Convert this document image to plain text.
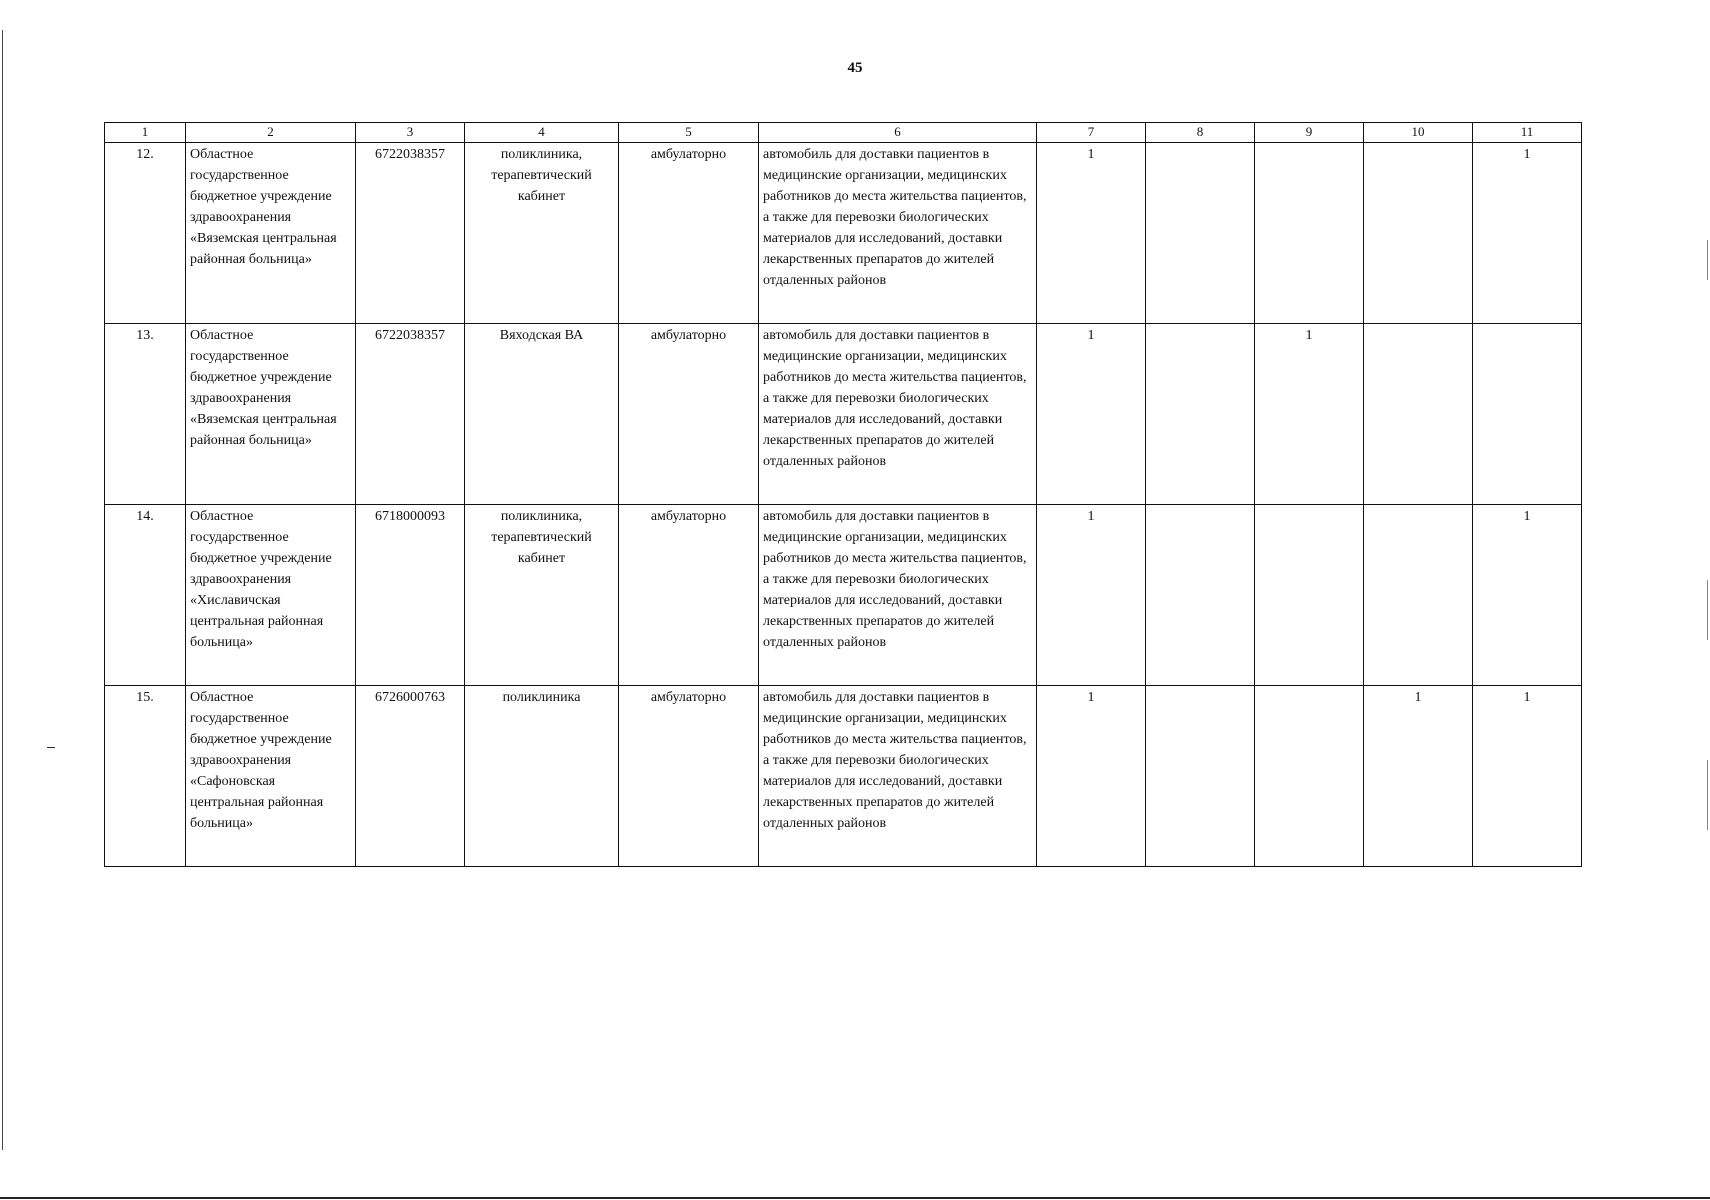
45
1	2	3	4	5	6	7	8	9	10	11
12.	Областное государственное бюджетное учреждение здравоохранения «Вяземская центральная районная больница»	6722038357	поликлиника, терапевтический кабинет	амбулаторно	автомобиль для доставки пациентов в медицинские организации, медицинских работников до места жительства пациентов, а также для перевозки биологических материалов для исследований, доставки лекарственных препаратов до жителей отдаленных районов	1				1
13.	Областное государственное бюджетное учреждение здравоохранения «Вяземская центральная районная больница»	6722038357	Вяходская ВА	амбулаторно	автомобиль для доставки пациентов в медицинские организации, медицинских работников до места жительства пациентов, а также для перевозки биологических материалов для исследований, доставки лекарственных препаратов до жителей отдаленных районов	1		1		
14.	Областное государственное бюджетное учреждение здравоохранения «Хиславичская центральная районная больница»	6718000093	поликлиника, терапевтический кабинет	амбулаторно	автомобиль для доставки пациентов в медицинские организации, медицинских работников до места жительства пациентов, а также для перевозки биологических материалов для исследований, доставки лекарственных препаратов до жителей отдаленных районов	1				1
15.	Областное государственное бюджетное учреждение здравоохранения «Сафоновская центральная районная больница»	6726000763	поликлиника	амбулаторно	автомобиль для доставки пациентов в медицинские организации, медицинских работников до места жительства пациентов, а также для перевозки биологических материалов для исследований, доставки лекарственных препаратов до жителей отдаленных районов	1			1	1
